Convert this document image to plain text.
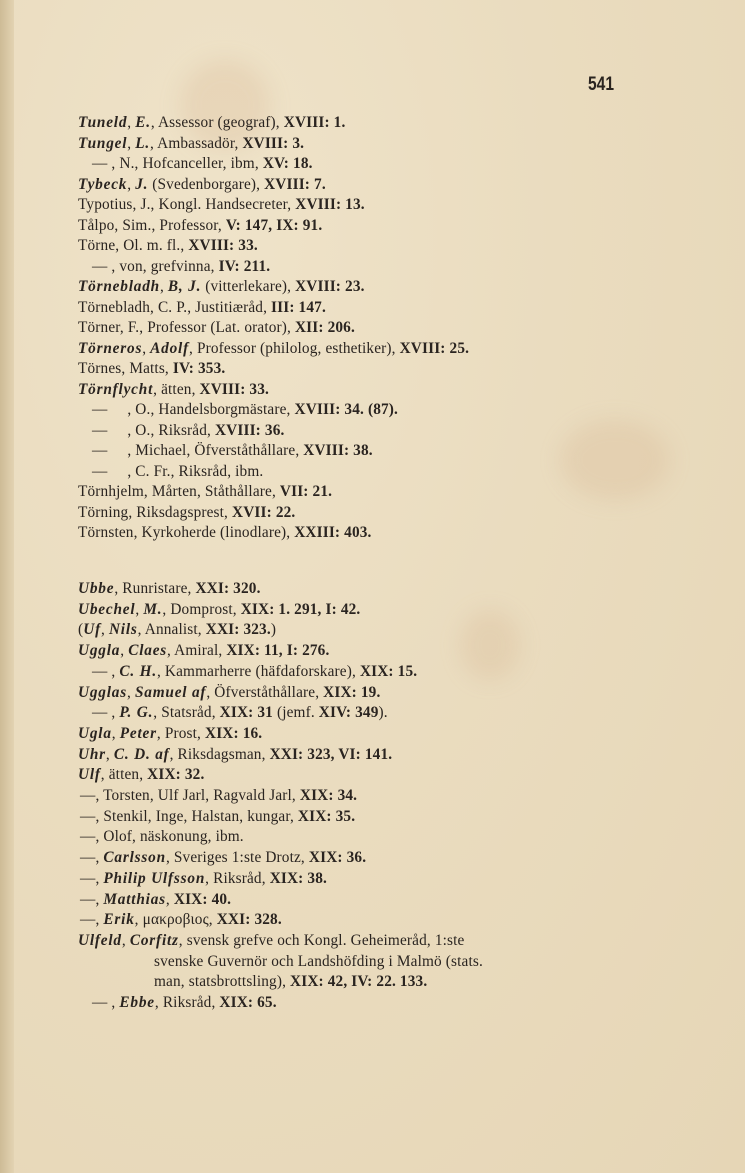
541
Tuneld, E., Assessor (geograf), XVIII: 1.
Tungel, L., Ambassadör, XVIII: 3.
— , N., Hofcanceller, ibm, XV: 18.
Tybeck, J. (Svedenborgare), XVIII: 7.
Typotius, J., Kongl. Handsecreter, XVIII: 13.
Tålpo, Sim., Professor, V: 147, IX: 91.
Törne, Ol. m. fl., XVIII: 33.
— , von, grefvinna, IV: 211.
Törnebladh, B, J. (vitterlekare), XVIII: 23.
Törnebladh, C. P., Justitiæråd, III: 147.
Törner, F., Professor (Lat. orator), XII: 206.
Törneros, Adolf, Professor (philolog, esthetiker), XVIII: 25.
Törnes, Matts, IV: 353.
Törnflycht, ätten, XVIII: 33.
—     , O., Handelsborgmästare, XVIII: 34. (87).
—     , O., Riksråd, XVIII: 36.
—     , Michael, Öfverståthållare, XVIII: 38.
—     , C. Fr., Riksråd, ibm.
Törnhjelm, Mårten, Ståthållare, VII: 21.
Törning, Riksdagsprest, XVII: 22.
Törnsten, Kyrkoherde (linodlare), XXIII: 403.
Ubbe, Runristare, XXI: 320.
Ubechel, M., Domprost, XIX: 1. 291, I: 42.
(Uf, Nils, Annalist, XXI: 323.)
Uggla, Claes, Amiral, XIX: 11, I: 276.
— , C. H., Kammarherre (häfdaforskare), XIX: 15.
Ugglas, Samuel af, Öfverståthållare, XIX: 19.
— , P. G., Statsråd, XIX: 31 (jemf. XIV: 349).
Ugla, Peter, Prost, XIX: 16.
Uhr, C. D. af, Riksdagsman, XXI: 323, VI: 141.
Ulf, ätten, XIX: 32.
—, Torsten, Ulf Jarl, Ragvald Jarl, XIX: 34.
—, Stenkil, Inge, Halstan, kungar, XIX: 35.
—, Olof, näskonung, ibm.
—, Carlsson, Sveriges 1:ste Drotz, XIX: 36.
—, Philip Ulfsson, Riksråd, XIX: 38.
—, Matthias, XIX: 40.
—, Erik, μακροβιος, XXI: 328.
Ulfeld, Corfitz, svensk grefve och Kongl. Geheimeråd, 1:ste
svenske Guvernör och Landshöfding i Malmö (stats.
man, statsbrottsling), XIX: 42, IV: 22. 133.
— , Ebbe, Riksråd, XIX: 65.
